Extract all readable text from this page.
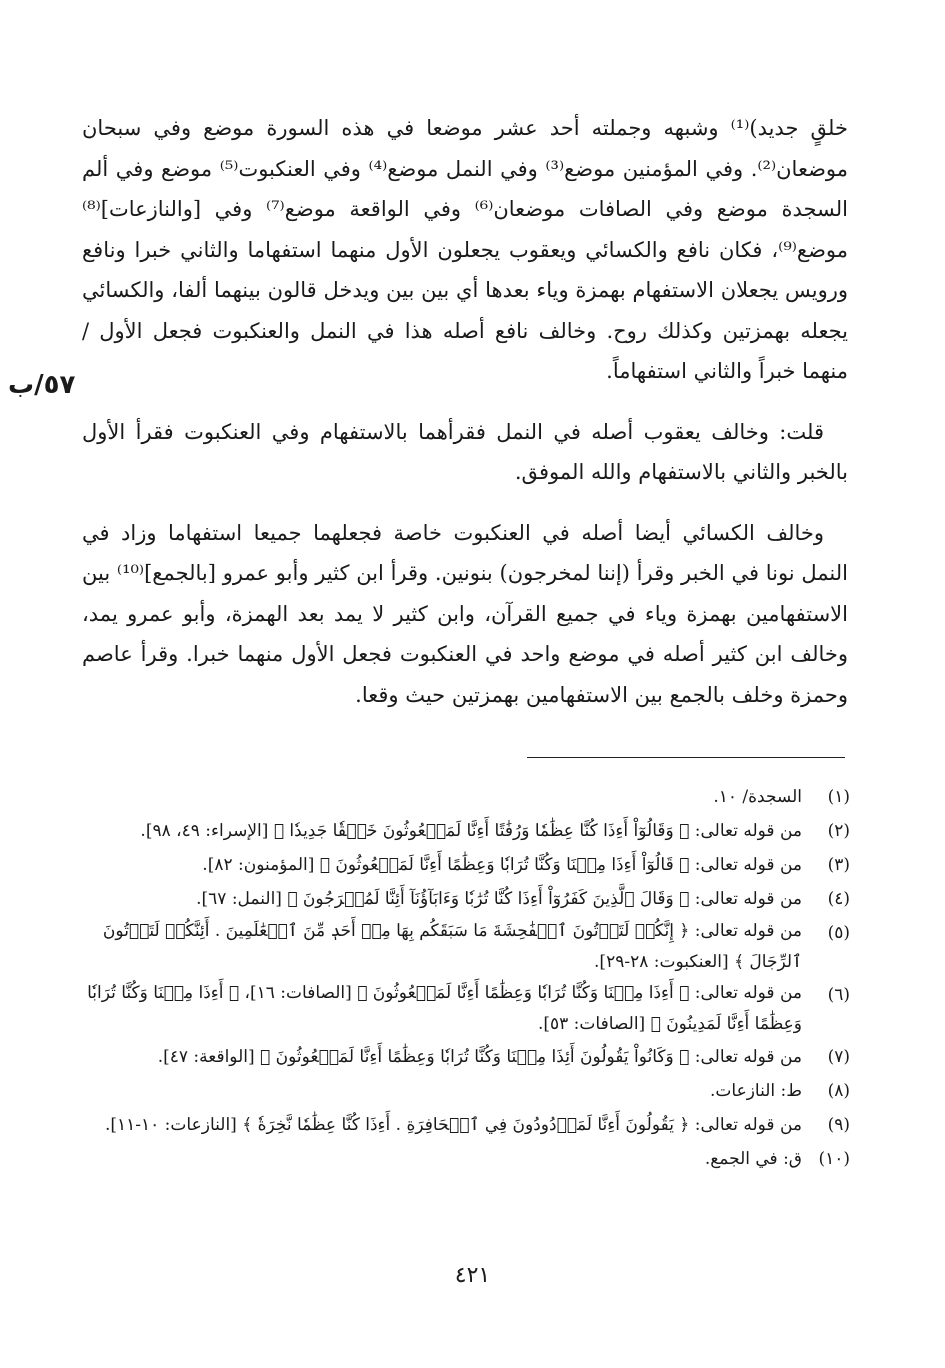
٥٧/ب

خلقٍ جديد)⁽¹⁾ وشبهه وجملته أحد عشر موضعا في هذه السورة موضع وفي سبحان موضعان⁽²⁾. وفي المؤمنين موضع⁽³⁾ وفي النمل موضع⁽⁴⁾ وفي العنكبوت⁽⁵⁾ موضع وفي ألم السجدة موضع وفي الصافات موضعان⁽⁶⁾ وفي الواقعة موضع⁽⁷⁾ وفي [والنازعات]⁽⁸⁾ موضع⁽⁹⁾، فكان نافع والكسائي ويعقوب يجعلون الأول منهما استفهاما والثاني خبرا ونافع ورويس يجعلان الاستفهام بهمزة وياء بعدها أي بين بين ويدخل قالون بينهما ألفا، والكسائي يجعله بهمزتين وكذلك روح. وخالف نافع أصله هذا في النمل والعنكبوت فجعل الأول / منهما خبراً والثاني استفهاماً.

قلت: وخالف يعقوب أصله في النمل فقرأهما بالاستفهام وفي العنكبوت فقرأ الأول بالخبر والثاني بالاستفهام والله الموفق.

وخالف الكسائي أيضا أصله في العنكبوت خاصة فجعلهما جميعا استفهاما وزاد في النمل نونا في الخبر وقرأ (إننا لمخرجون) بنونين. وقرأ ابن كثير وأبو عمرو [بالجمع]⁽¹⁰⁾ بين الاستفهامين بهمزة وياء في جميع القرآن، وابن كثير لا يمد بعد الهمزة، وأبو عمرو يمد، وخالف ابن كثير أصله في موضع واحد في العنكبوت فجعل الأول منهما خبرا. وقرأ عاصم وحمزة وخلف بالجمع بين الاستفهامين بهمزتين حيث وقعا.

(١)
السجدة/ ١٠.
(٢)
من قوله تعالى: ﴿ وَقَالُوٓاْ أَءِذَا كُنَّا عِظَٰمٗا وَرُفَٰتًا أَءِنَّا لَمَبۡعُوثُونَ خَلۡقٗا جَدِيدٗا ﴾ [الإسراء: ٤٩، ٩٨].
(٣)
من قوله تعالى: ﴿ قَالُوٓاْ أَءِذَا مِتۡنَا وَكُنَّا تُرَابٗا وَعِظَٰمًا أَءِنَّا لَمَبۡعُوثُونَ ﴾ [المؤمنون: ٨٢].
(٤)
من قوله تعالى: ﴿ وَقَالَ ٱلَّذِينَ كَفَرُوٓاْ أَءِذَا كُنَّا تُرَٰبٗا وَءَابَآؤُنَآ أَئِنَّا لَمُخۡرَجُونَ ﴾ [النمل: ٦٧].
(٥)
من قوله تعالى: ﴿ إِنَّكُمۡ لَتَأۡتُونَ ٱلۡفَٰحِشَةَ مَا سَبَقَكُم بِهَا مِنۡ أَحَدٖ مِّنَ ٱلۡعَٰلَمِينَ . أَئِنَّكُمۡ لَتَأۡتُونَ ٱلرِّجَالَ ﴾ [العنكبوت: ٢٨-٢٩].
(٦)
من قوله تعالى: ﴿ أَءِذَا مِتۡنَا وَكُنَّا تُرَابٗا وَعِظَٰمًا أَءِنَّا لَمَبۡعُوثُونَ ﴾ [الصافات: ١٦]، ﴿ أَءِذَا مِتۡنَا وَكُنَّا تُرَابٗا وَعِظَٰمًا أَءِنَّا لَمَدِينُونَ ﴾ [الصافات: ٥٣].
(٧)
من قوله تعالى: ﴿ وَكَانُواْ يَقُولُونَ أَئِذَا مِتۡنَا وَكُنَّا تُرَابٗا وَعِظَٰمًا أَءِنَّا لَمَبۡعُوثُونَ ﴾ [الواقعة: ٤٧].
(٨)
ط: النازعات.
(٩)
من قوله تعالى: ﴿ يَقُولُونَ أَءِنَّا لَمَرۡدُودُونَ فِي ٱلۡحَافِرَةِ . أَءِذَا كُنَّا عِظَٰمٗا نَّخِرَةٗ ﴾ [النازعات: ١٠-١١].
(١٠)
ق: في الجمع.
٤٢١
